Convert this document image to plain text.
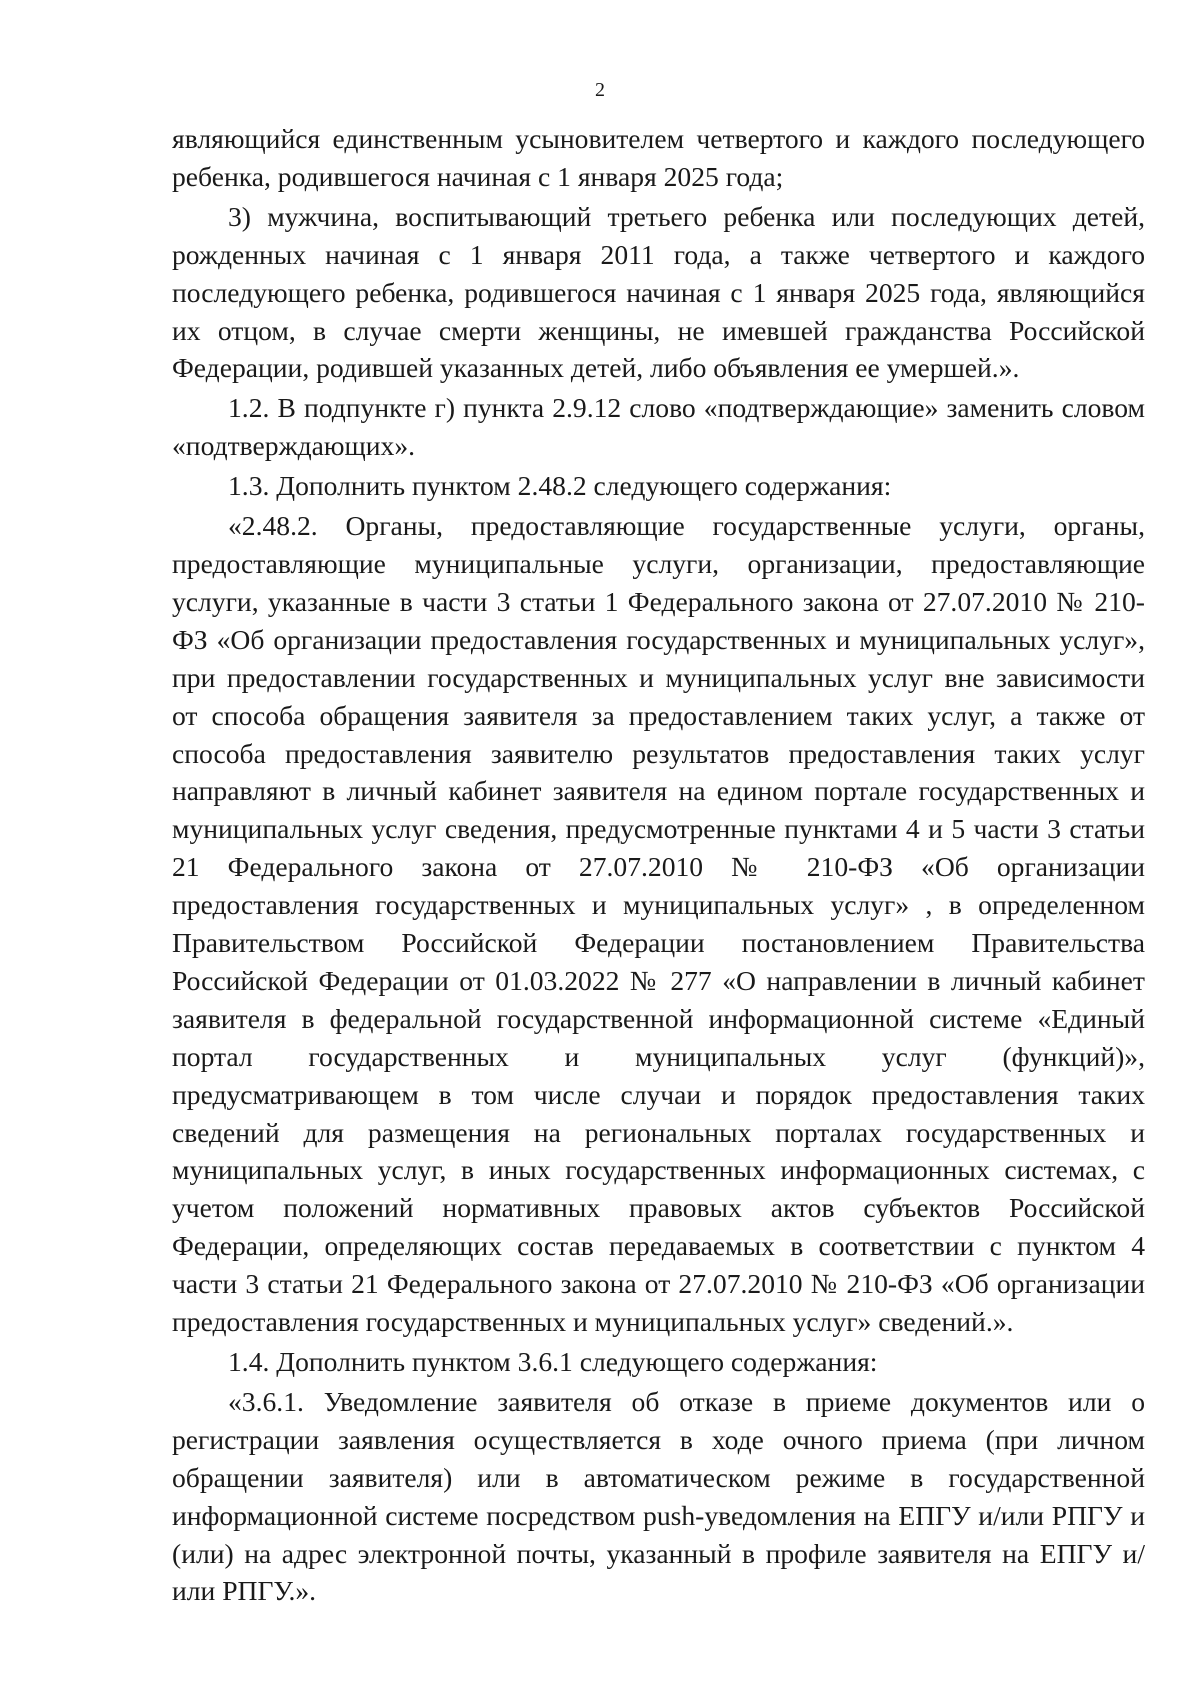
2

являющийся единственным усыновителем четвертого и каждого последующего ребенка, родившегося начиная с 1 января 2025 года;

3) мужчина, воспитывающий третьего ребенка или последующих детей, рожденных начиная с 1 января 2011 года, а также четвертого и каждого последующего ребенка, родившегося начиная с 1 января 2025 года, являющийся их отцом, в случае смерти женщины, не имевшей гражданства Российской Федерации, родившей указанных детей, либо объявления ее умершей.».

1.2. В подпункте г) пункта 2.9.12 слово «подтверждающие» заменить словом «подтверждающих».

1.3. Дополнить пунктом 2.48.2 следующего содержания:

«2.48.2. Органы, предоставляющие государственные услуги, органы, предоставляющие муниципальные услуги, организации, предоставляющие услуги, указанные в части 3 статьи 1 Федерального закона от 27.07.2010 № 210-ФЗ «Об организации предоставления государственных и муниципальных услуг», при предоставлении государственных и муниципальных услуг вне зависимости от способа обращения заявителя за предоставлением таких услуг, а также от способа предоставления заявителю результатов предоставления таких услуг направляют в личный кабинет заявителя на едином портале государственных и муниципальных услуг сведения, предусмотренные пунктами 4 и 5 части 3 статьи 21 Федерального закона от 27.07.2010 № 210-ФЗ «Об организации предоставления государственных и муниципальных услуг» , в определенном Правительством Российской Федерации постановлением Правительства Российской Федерации от 01.03.2022 № 277 «О направлении в личный кабинет заявителя в федеральной государственной информационной системе «Единый портал государственных и муниципальных услуг (функций)», предусматривающем в том числе случаи и порядок предоставления таких сведений для размещения на региональных порталах государственных и муниципальных услуг, в иных государственных информационных системах, с учетом положений нормативных правовых актов субъектов Российской Федерации, определяющих состав передаваемых в соответствии с пунктом 4 части 3 статьи 21 Федерального закона от 27.07.2010 № 210-ФЗ «Об организации предоставления государственных и муниципальных услуг» сведений.».

1.4. Дополнить пунктом 3.6.1 следующего содержания:

«3.6.1. Уведомление заявителя об отказе в приеме документов или о регистрации заявления осуществляется в ходе очного приема (при личном обращении заявителя) или в автоматическом режиме в государственной информационной системе посредством push-уведомления на ЕПГУ и/или РПГУ и (или) на адрес электронной почты, указанный в профиле заявителя на ЕПГУ и/или РПГУ.».
